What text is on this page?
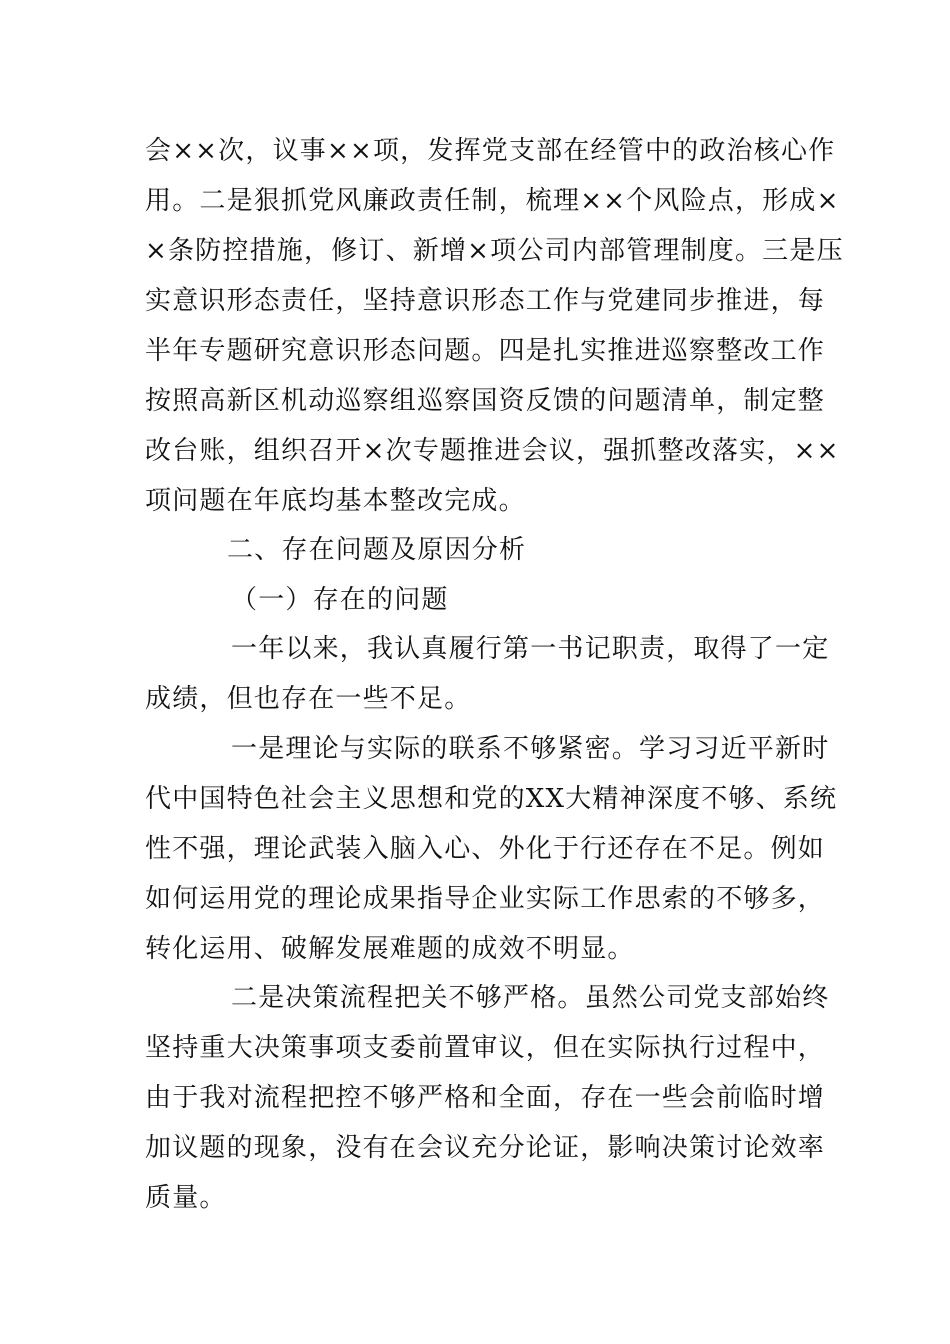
会××次，议事××项，发挥党支部在经管中的政治核心作
用。二是狠抓党风廉政责任制，梳理××个风险点，形成×
×条防控措施，修订、新增×项公司内部管理制度。三是压
实意识形态责任，坚持意识形态工作与党建同步推进，每
半年专题研究意识形态问题。四是扎实推进巡察整改工作
按照高新区机动巡察组巡察国资反馈的问题清单，制定整
改台账，组织召开×次专题推进会议，强抓整改落实，××
项问题在年底均基本整改完成。
二、存在问题及原因分析
（一）存在的问题
一年以来，我认真履行第一书记职责，取得了一定
成绩，但也存在一些不足。
一是理论与实际的联系不够紧密。学习习近平新时
代中国特色社会主义思想和党的XX大精神深度不够、系统
性不强，理论武装入脑入心、外化于行还存在不足。例如
如何运用党的理论成果指导企业实际工作思索的不够多，
转化运用、破解发展难题的成效不明显。
二是决策流程把关不够严格。虽然公司党支部始终
坚持重大决策事项支委前置审议，但在实际执行过程中，
由于我对流程把控不够严格和全面，存在一些会前临时增
加议题的现象，没有在会议充分论证，影响决策讨论效率
质量。
